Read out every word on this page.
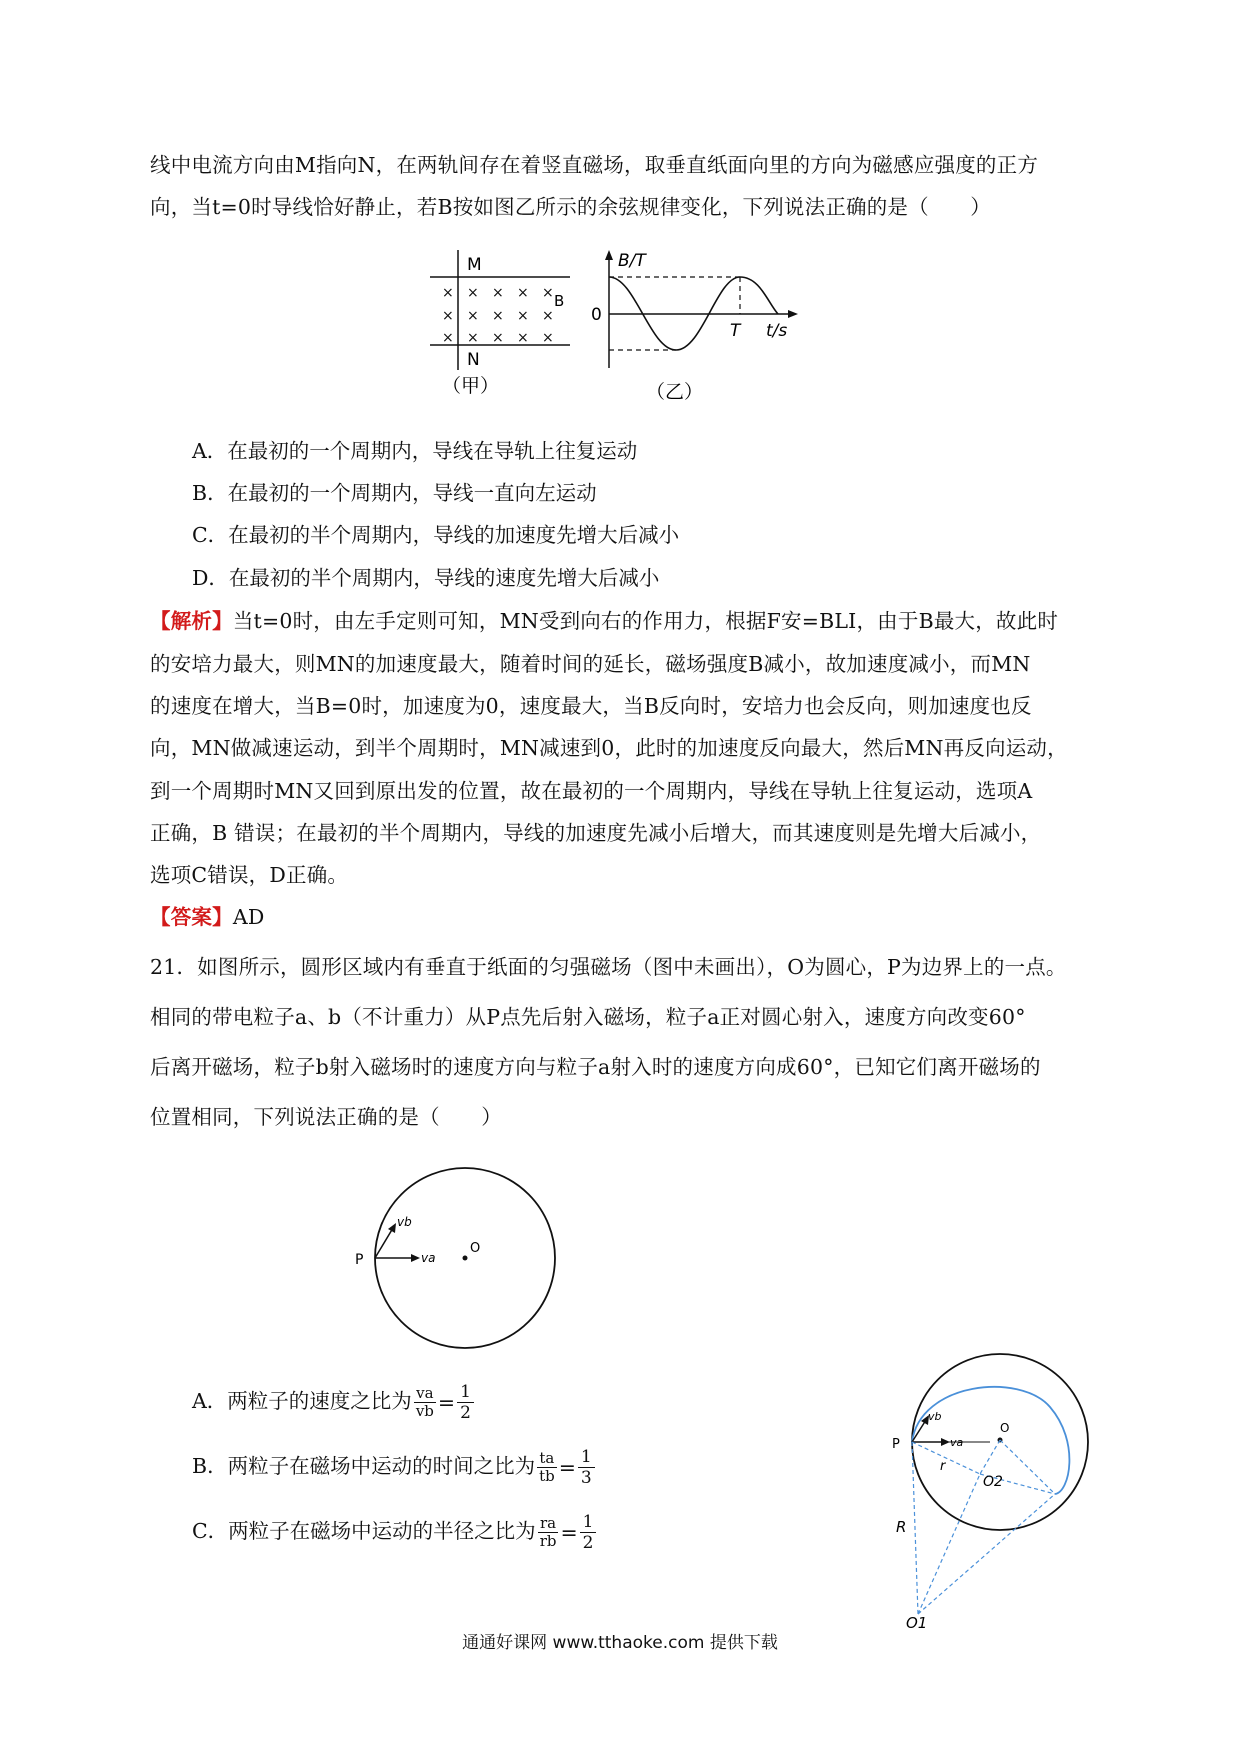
线中电流方向由M指向N，在两轨间存在着竖直磁场，取垂直纸面向里的方向为磁感应强度的正方
向，当t=0时导线恰好静止，若B按如图乙所示的余弦规律变化，下列说法正确的是（　　）
× × × × ×
× × × × ×
× × × × ×
M
N
B
（甲）
B/T
0
T t/s
（乙）
A．在最初的一个周期内，导线在导轨上往复运动
B．在最初的一个周期内，导线一直向左运动
C．在最初的半个周期内，导线的加速度先增大后减小
D．在最初的半个周期内，导线的速度先增大后减小
【解析】当t=0时，由左手定则可知，MN受到向右的作用力，根据F安=BLI，由于B最大，故此时
的安培力最大，则MN的加速度最大，随着时间的延长，磁场强度B减小，故加速度减小，而MN
的速度在增大，当B=0时，加速度为0，速度最大，当B反向时，安培力也会反向，则加速度也反
向，MN做减速运动，到半个周期时，MN减速到0，此时的加速度反向最大，然后MN再反向运动，
到一个周期时MN又回到原出发的位置，故在最初的一个周期内，导线在导轨上往复运动，选项A
正确，B 错误；在最初的半个周期内，导线的加速度先减小后增大，而其速度则是先增大后减小，
选项C错误，D正确。
【答案】AD
21．如图所示，圆形区域内有垂直于纸面的匀强磁场（图中未画出），O为圆心，P为边界上的一点。
相同的带电粒子a、b（不计重力）从P点先后射入磁场，粒子a正对圆心射入，速度方向改变60°
后离开磁场，粒子b射入磁场时的速度方向与粒子a射入时的速度方向成60°，已知它们离开磁场的
位置相同，下列说法正确的是（　　）
P
O
vb
va
A．两粒子的速度之比为 $\frac{va}{vb} = \frac{1}{2}$
B．两粒子在磁场中运动的时间之比为 $\frac{ta}{tb} = \frac{1}{3}$
C．两粒子在磁场中运动的半径之比为 $\frac{ra}{rb} = \frac{1}{2}$
P
O
vb
va
r
O2
R
O1
通通好课网 www.tthaoke.com 提供下载
